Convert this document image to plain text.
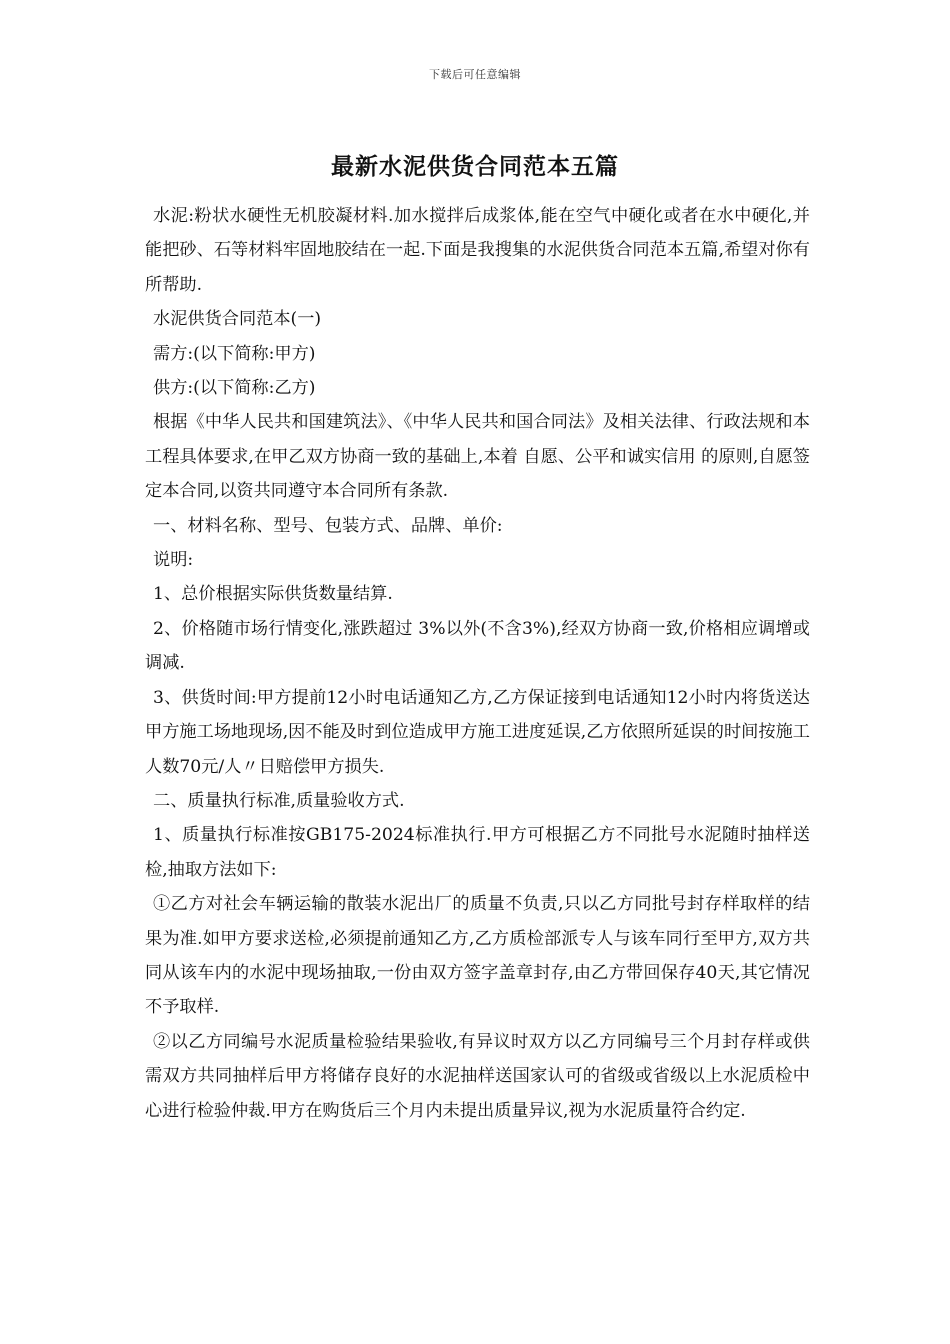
下载后可任意编辑
最新水泥供货合同范本五篇

水泥:粉状水硬性无机胶凝材料.加水搅拌后成浆体,能在空气中硬化或者在水中硬化,并能把砂、石等材料牢固地胶结在一起.下面是我搜集的水泥供货合同范本五篇,希望对你有所帮助.

水泥供货合同范本(一)

需方:(以下简称:甲方)

供方:(以下简称:乙方)

根据《中华人民共和国建筑法》、《中华人民共和国合同法》及相关法律、行政法规和本工程具体要求,在甲乙双方协商一致的基础上,本着 自愿、公平和诚实信用 的原则,自愿签定本合同,以资共同遵守本合同所有条款.

一、材料名称、型号、包装方式、品牌、单价:

说明:

1、总价根据实际供货数量结算.

2、价格随市场行情变化,涨跌超过 3%以外(不含3%),经双方协商一致,价格相应调增或调减.

3、供货时间:甲方提前12小时电话通知乙方,乙方保证接到电话通知12小时内将货送达甲方施工场地现场,因不能及时到位造成甲方施工进度延误,乙方依照所延误的时间按施工人数70元/人〃日赔偿甲方损失.

二、质量执行标准,质量验收方式.

1、质量执行标准按GB175-2024标准执行.甲方可根据乙方不同批号水泥随时抽样送检,抽取方法如下:

①乙方对社会车辆运输的散装水泥出厂的质量不负责,只以乙方同批号封存样取样的结果为准.如甲方要求送检,必须提前通知乙方,乙方质检部派专人与该车同行至甲方,双方共同从该车内的水泥中现场抽取,一份由双方签字盖章封存,由乙方带回保存40天,其它情况不予取样.

②以乙方同编号水泥质量检验结果验收,有异议时双方以乙方同编号三个月封存样或供需双方共同抽样后甲方将储存良好的水泥抽样送国家认可的省级或省级以上水泥质检中心进行检验仲裁.甲方在购货后三个月内未提出质量异议,视为水泥质量符合约定.
